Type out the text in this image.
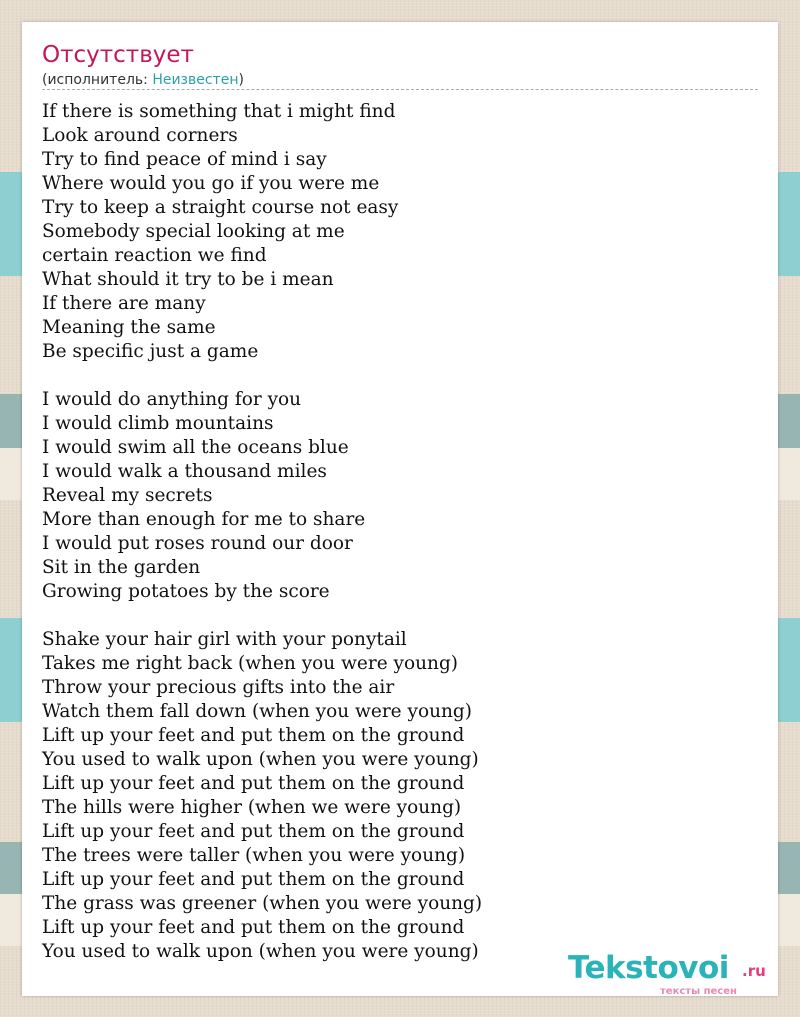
Отсутствует
(исполнитель: Неизвестен)
If there is something that i might find
Look around corners
Try to find peace of mind i say
Where would you go if you were me
Try to keep a straight course not easy
Somebody special looking at me
certain reaction we find
What should it try to be i mean
If there are many
Meaning the same
Be specific just a game
I would do anything for you
I would climb mountains
I would swim all the oceans blue
I would walk a thousand miles
Reveal my secrets
More than enough for me to share
I would put roses round our door
Sit in the garden
Growing potatoes by the score
Shake your hair girl with your ponytail
Takes me right back (when you were young)
Throw your precious gifts into the air
Watch them fall down (when you were young)
Lift up your feet and put them on the ground
You used to walk upon (when you were young)
Lift up your feet and put them on the ground
The hills were higher (when we were young)
Lift up your feet and put them on the ground
The trees were taller (when you were young)
Lift up your feet and put them on the ground
The grass was greener (when you were young)
Lift up your feet and put them on the ground
You used to walk upon (when you were young)	Tekstovoi .ru
тексты песен
